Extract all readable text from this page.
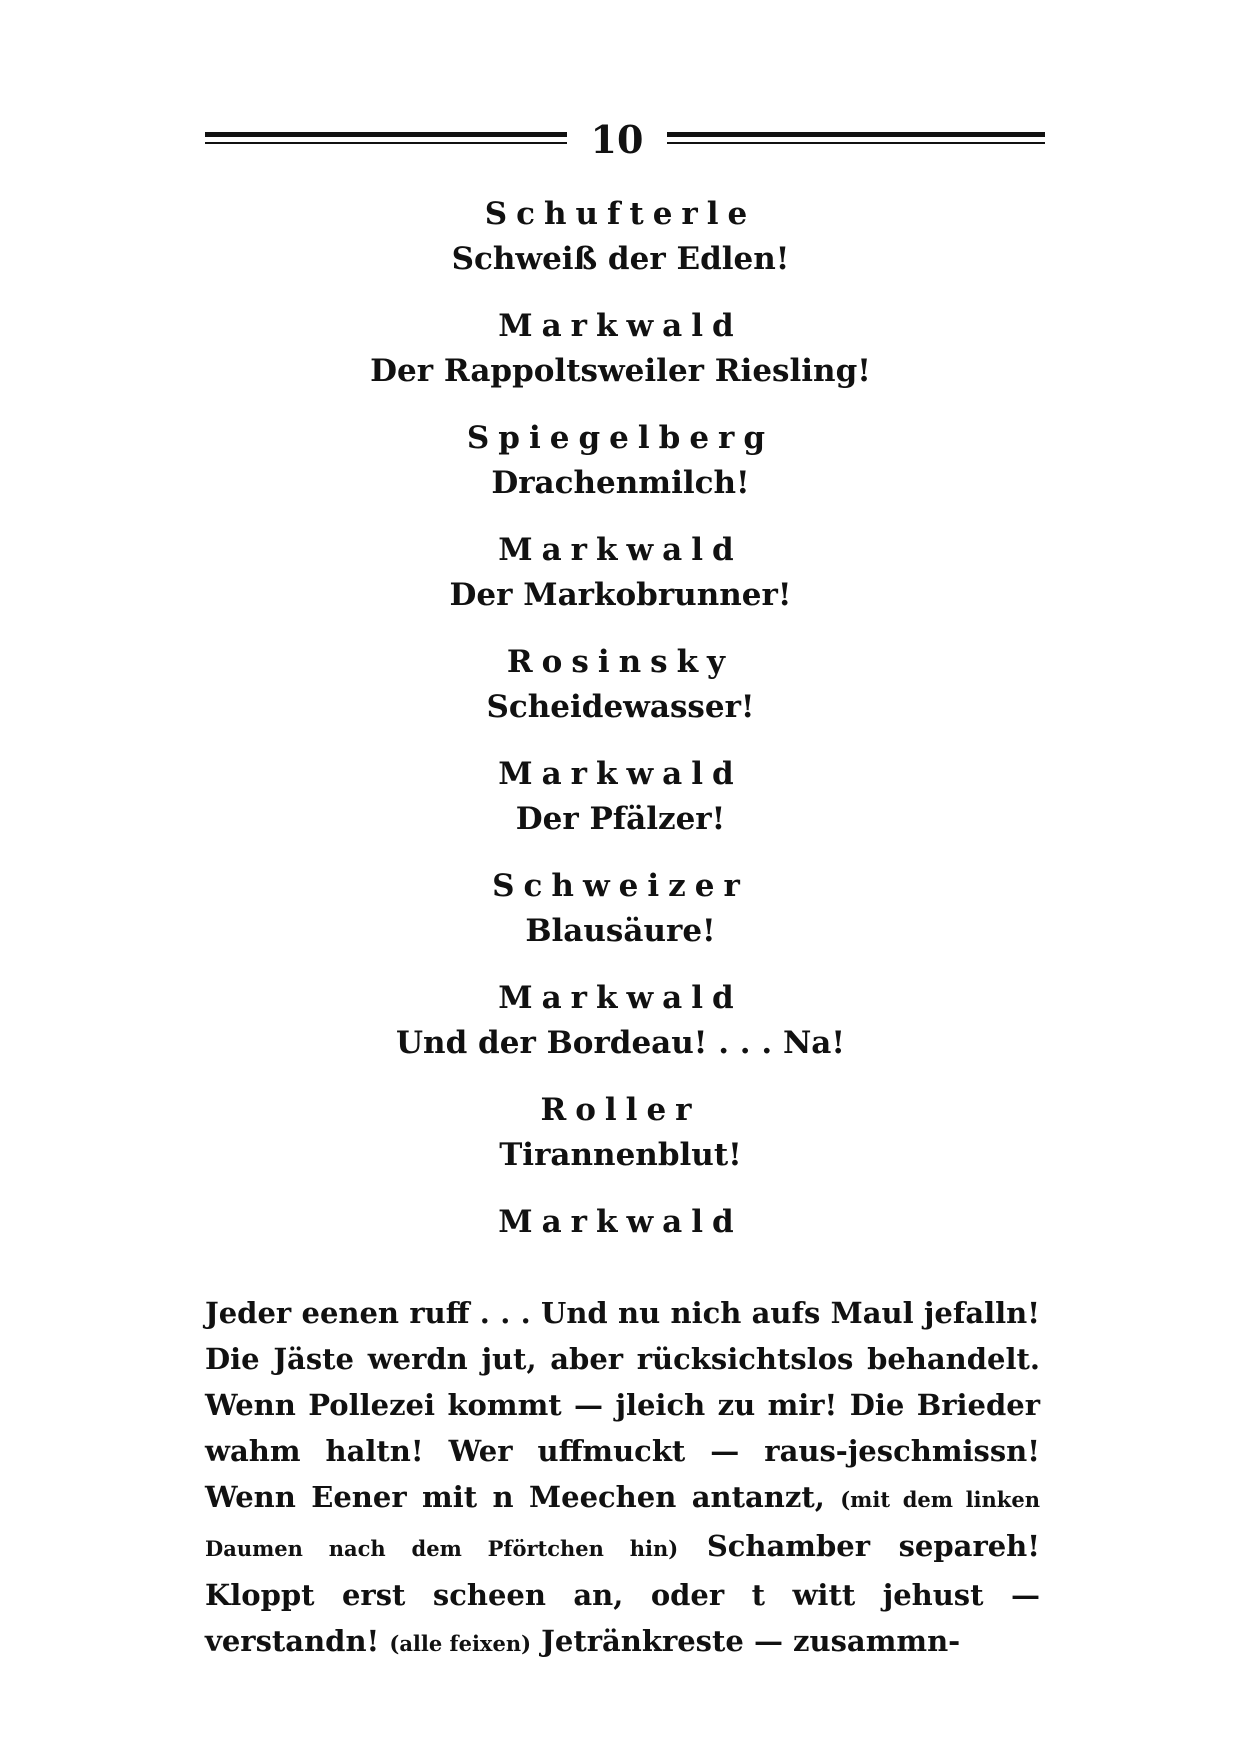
10
Schufterle
Schweiß der Edlen!
Markwald
Der Rappoltsweiler Riesling!
Spiegelberg
Drachenmilch!
Markwald
Der Markobrunner!
Rosinsky
Scheidewasser!
Markwald
Der Pfälzer!
Schweizer
Blausäure!
Markwald
Und der Bordeau! . . . Na!
Roller
Tirannenblut!
Markwald
Jeder eenen ruff . . . Und nu nich aufs Maul jefalln! Die Jäste werdn jut, aber rücksichtslos behandelt. Wenn Pollezei kommt — jleich zu mir! Die Brieder wahm haltn! Wer uffmuckt — raus-jeschmissn! Wenn Eener mit n Meechen antanzt, (mit dem linken Daumen nach dem Pförtchen hin) Schamber separeh! Kloppt erst scheen an, oder t witt jehust — verstandn! (alle feixen) Jetränkreste — zusammn-
